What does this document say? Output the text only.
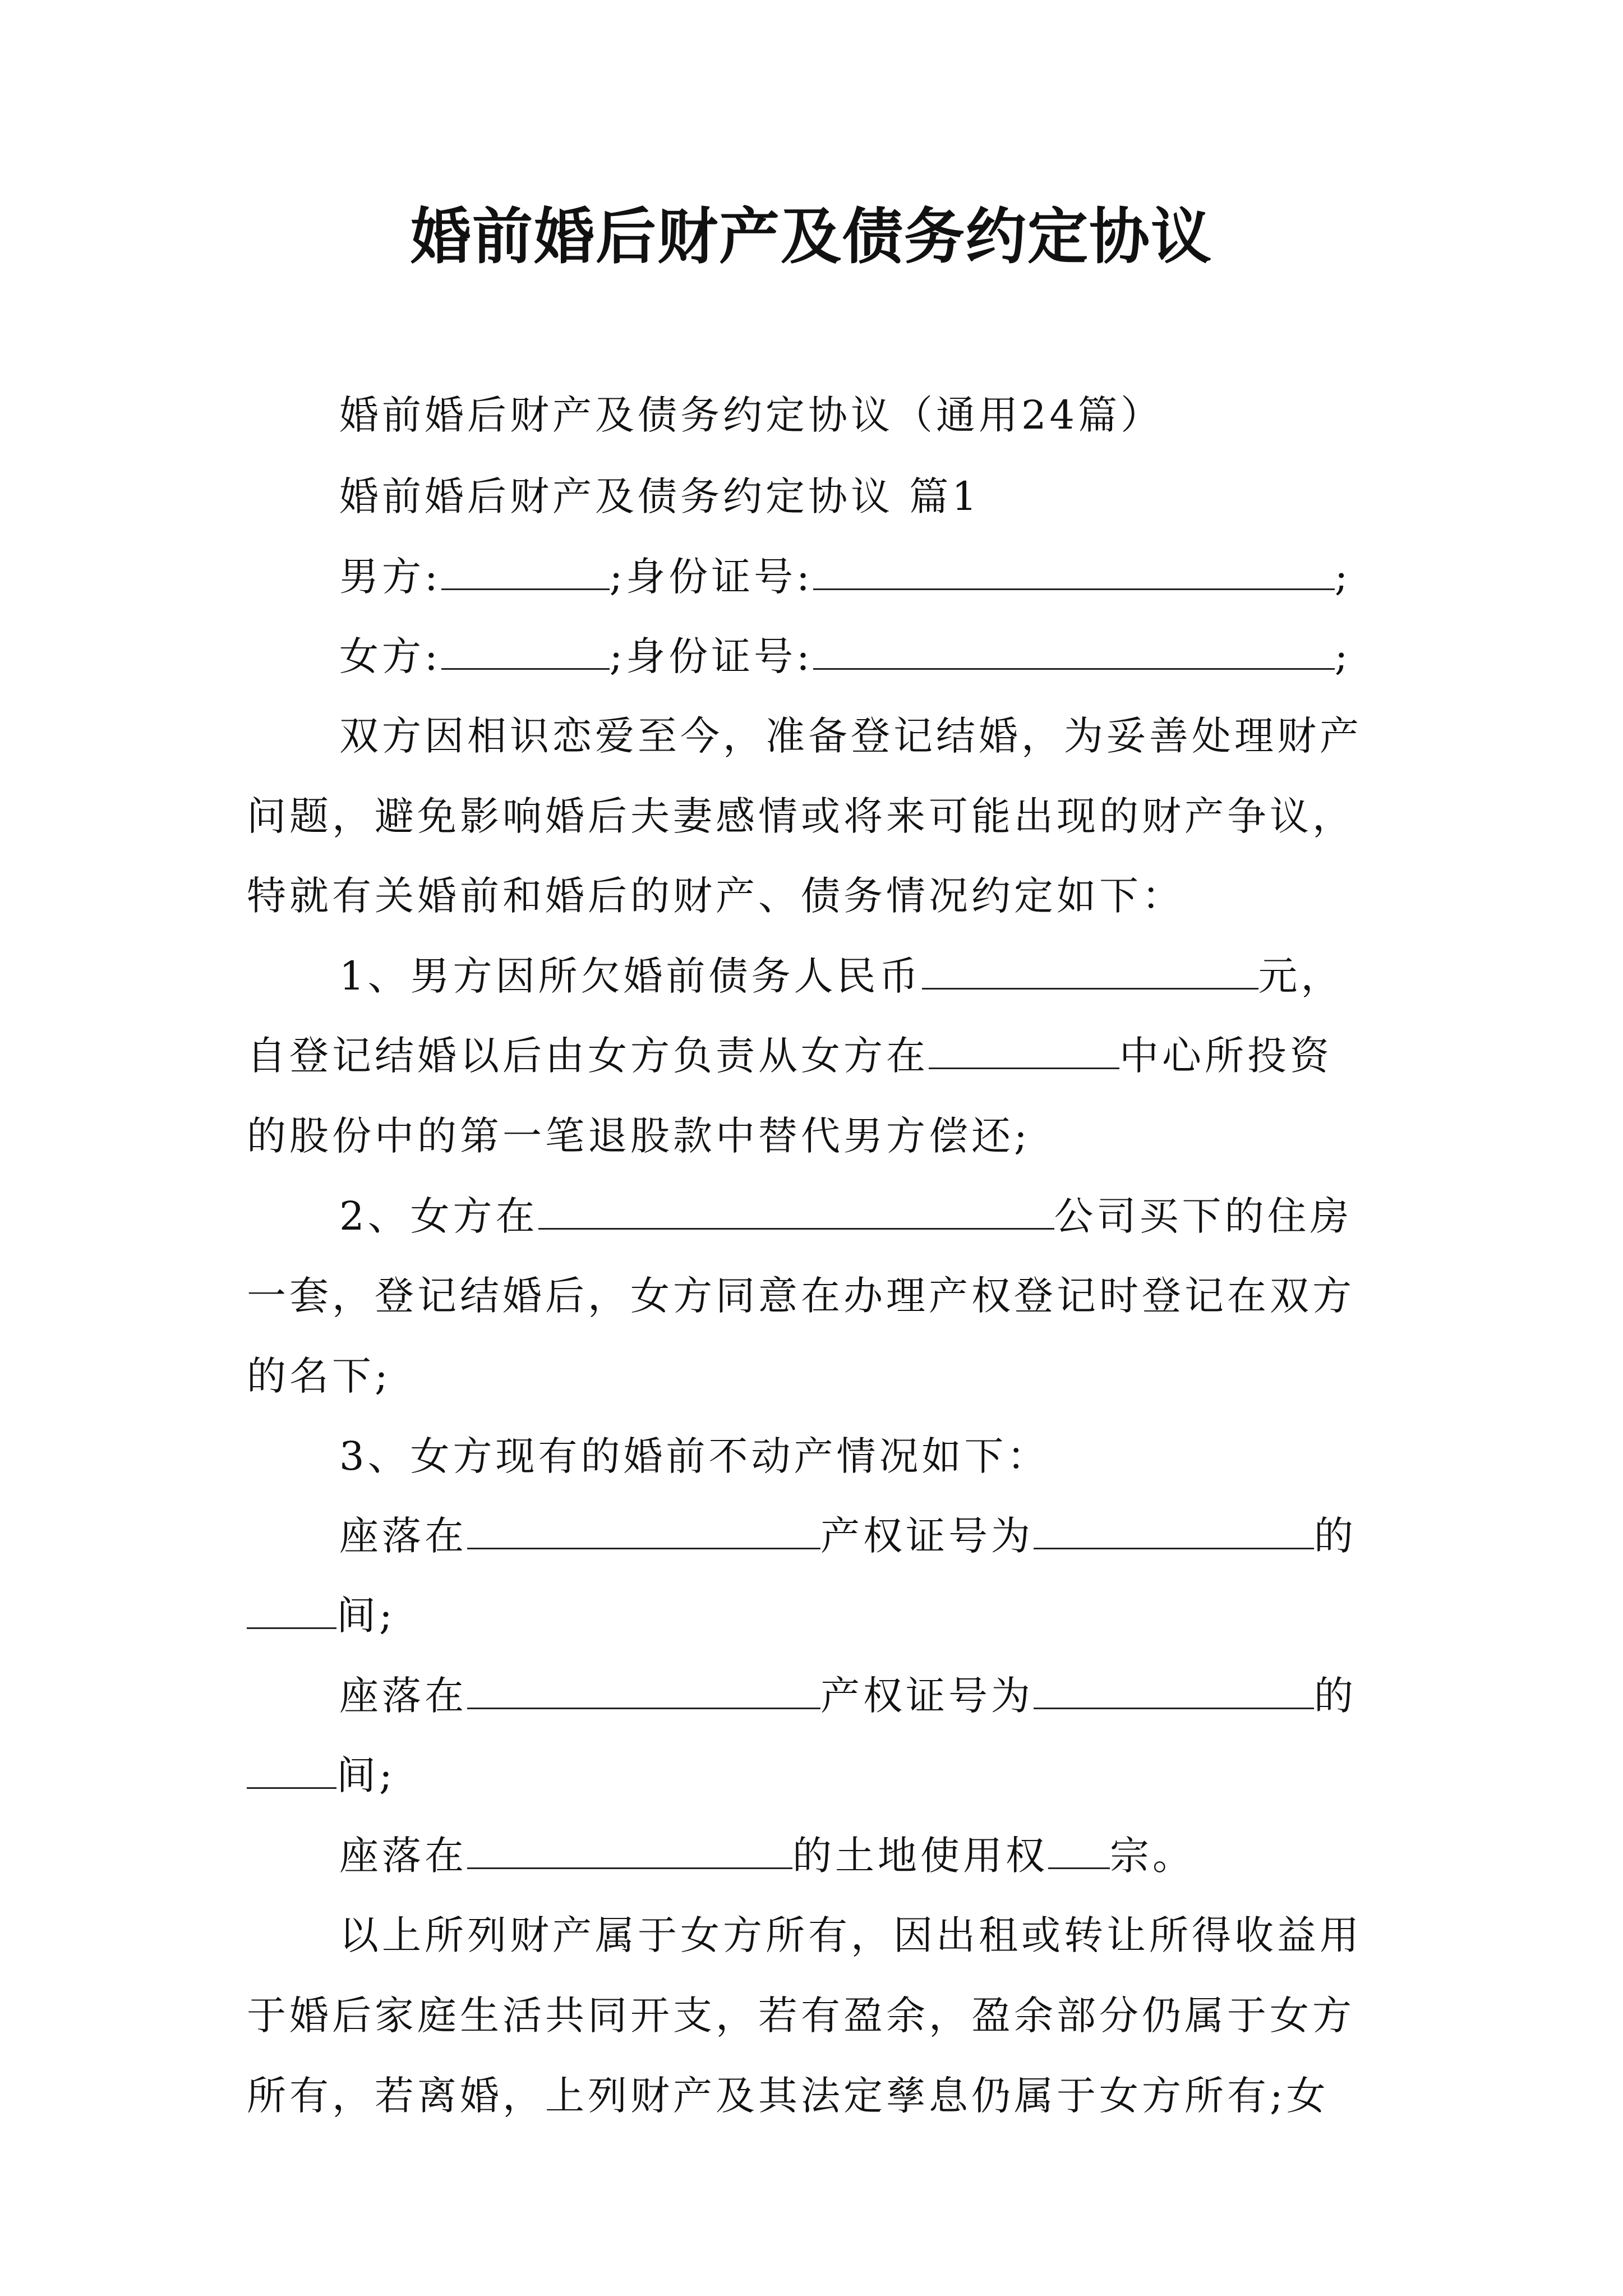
婚前婚后财产及债务约定协议
婚前婚后财产及债务约定协议（通用24篇）
婚前婚后财产及债务约定协议 篇1
男方:	;身份证号:	;
女方:	;身份证号:	;
双方因相识恋爱至今，准备登记结婚，为妥善处理财产
问题，避免影响婚后夫妻感情或将来可能出现的财产争议，
特就有关婚前和婚后的财产、债务情况约定如下：
1、男方因所欠婚前债务人民币	元，
自登记结婚以后由女方负责从女方在	中心所投资
的股份中的第一笔退股款中替代男方偿还;
2、女方在	公司买下的住房
一套，登记结婚后，女方同意在办理产权登记时登记在双方
的名下;
3、女方现有的婚前不动产情况如下：
座落在	产权证号为	的
间;
座落在	产权证号为	的
间;
座落在	的土地使用权 宗。
以上所列财产属于女方所有，因出租或转让所得收益用
于婚后家庭生活共同开支，若有盈余，盈余部分仍属于女方
所有，若离婚，上列财产及其法定孳息仍属于女方所有;女
